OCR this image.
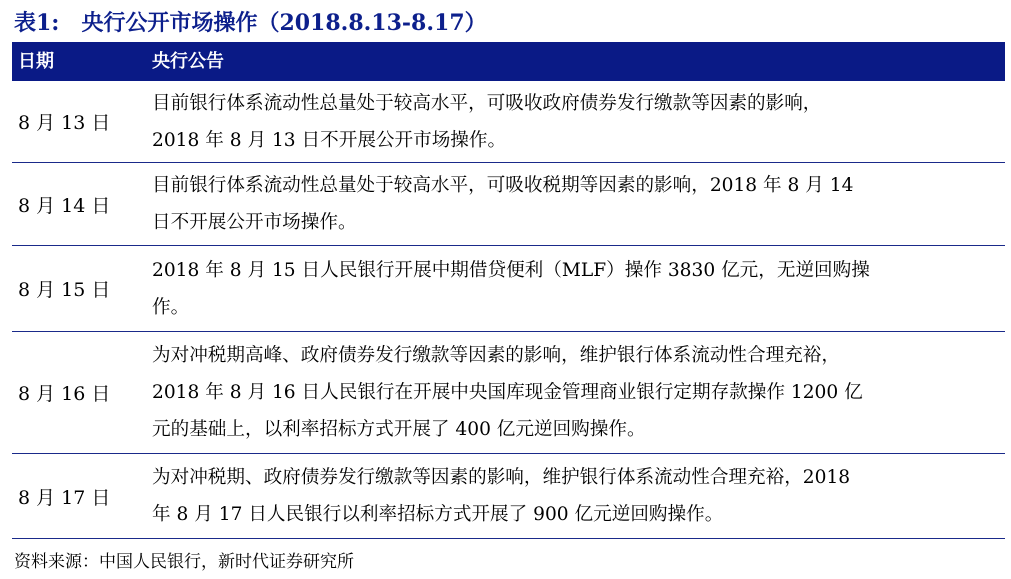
表1: 央行公开市场操作（2018.8.13-8.17）
日期	央行公告
8 月 13 日
目前银行体系流动性总量处于较高水平，可吸收政府债券发行缴款等因素的影响，
2018 年 8 月 13 日不开展公开市场操作。
8 月 14 日
目前银行体系流动性总量处于较高水平，可吸收税期等因素的影响，2018 年 8 月 14
日不开展公开市场操作。
8 月 15 日
2018 年 8 月 15 日人民银行开展中期借贷便利（MLF）操作 3830 亿元，无逆回购操
作。
8 月 16 日
为对冲税期高峰、政府债券发行缴款等因素的影响，维护银行体系流动性合理充裕，
2018 年 8 月 16 日人民银行在开展中央国库现金管理商业银行定期存款操作 1200 亿
元的基础上，以利率招标方式开展了 400 亿元逆回购操作。
8 月 17 日
为对冲税期、政府债券发行缴款等因素的影响，维护银行体系流动性合理充裕，2018
年 8 月 17 日人民银行以利率招标方式开展了 900 亿元逆回购操作。
资料来源：中国人民银行，新时代证券研究所
